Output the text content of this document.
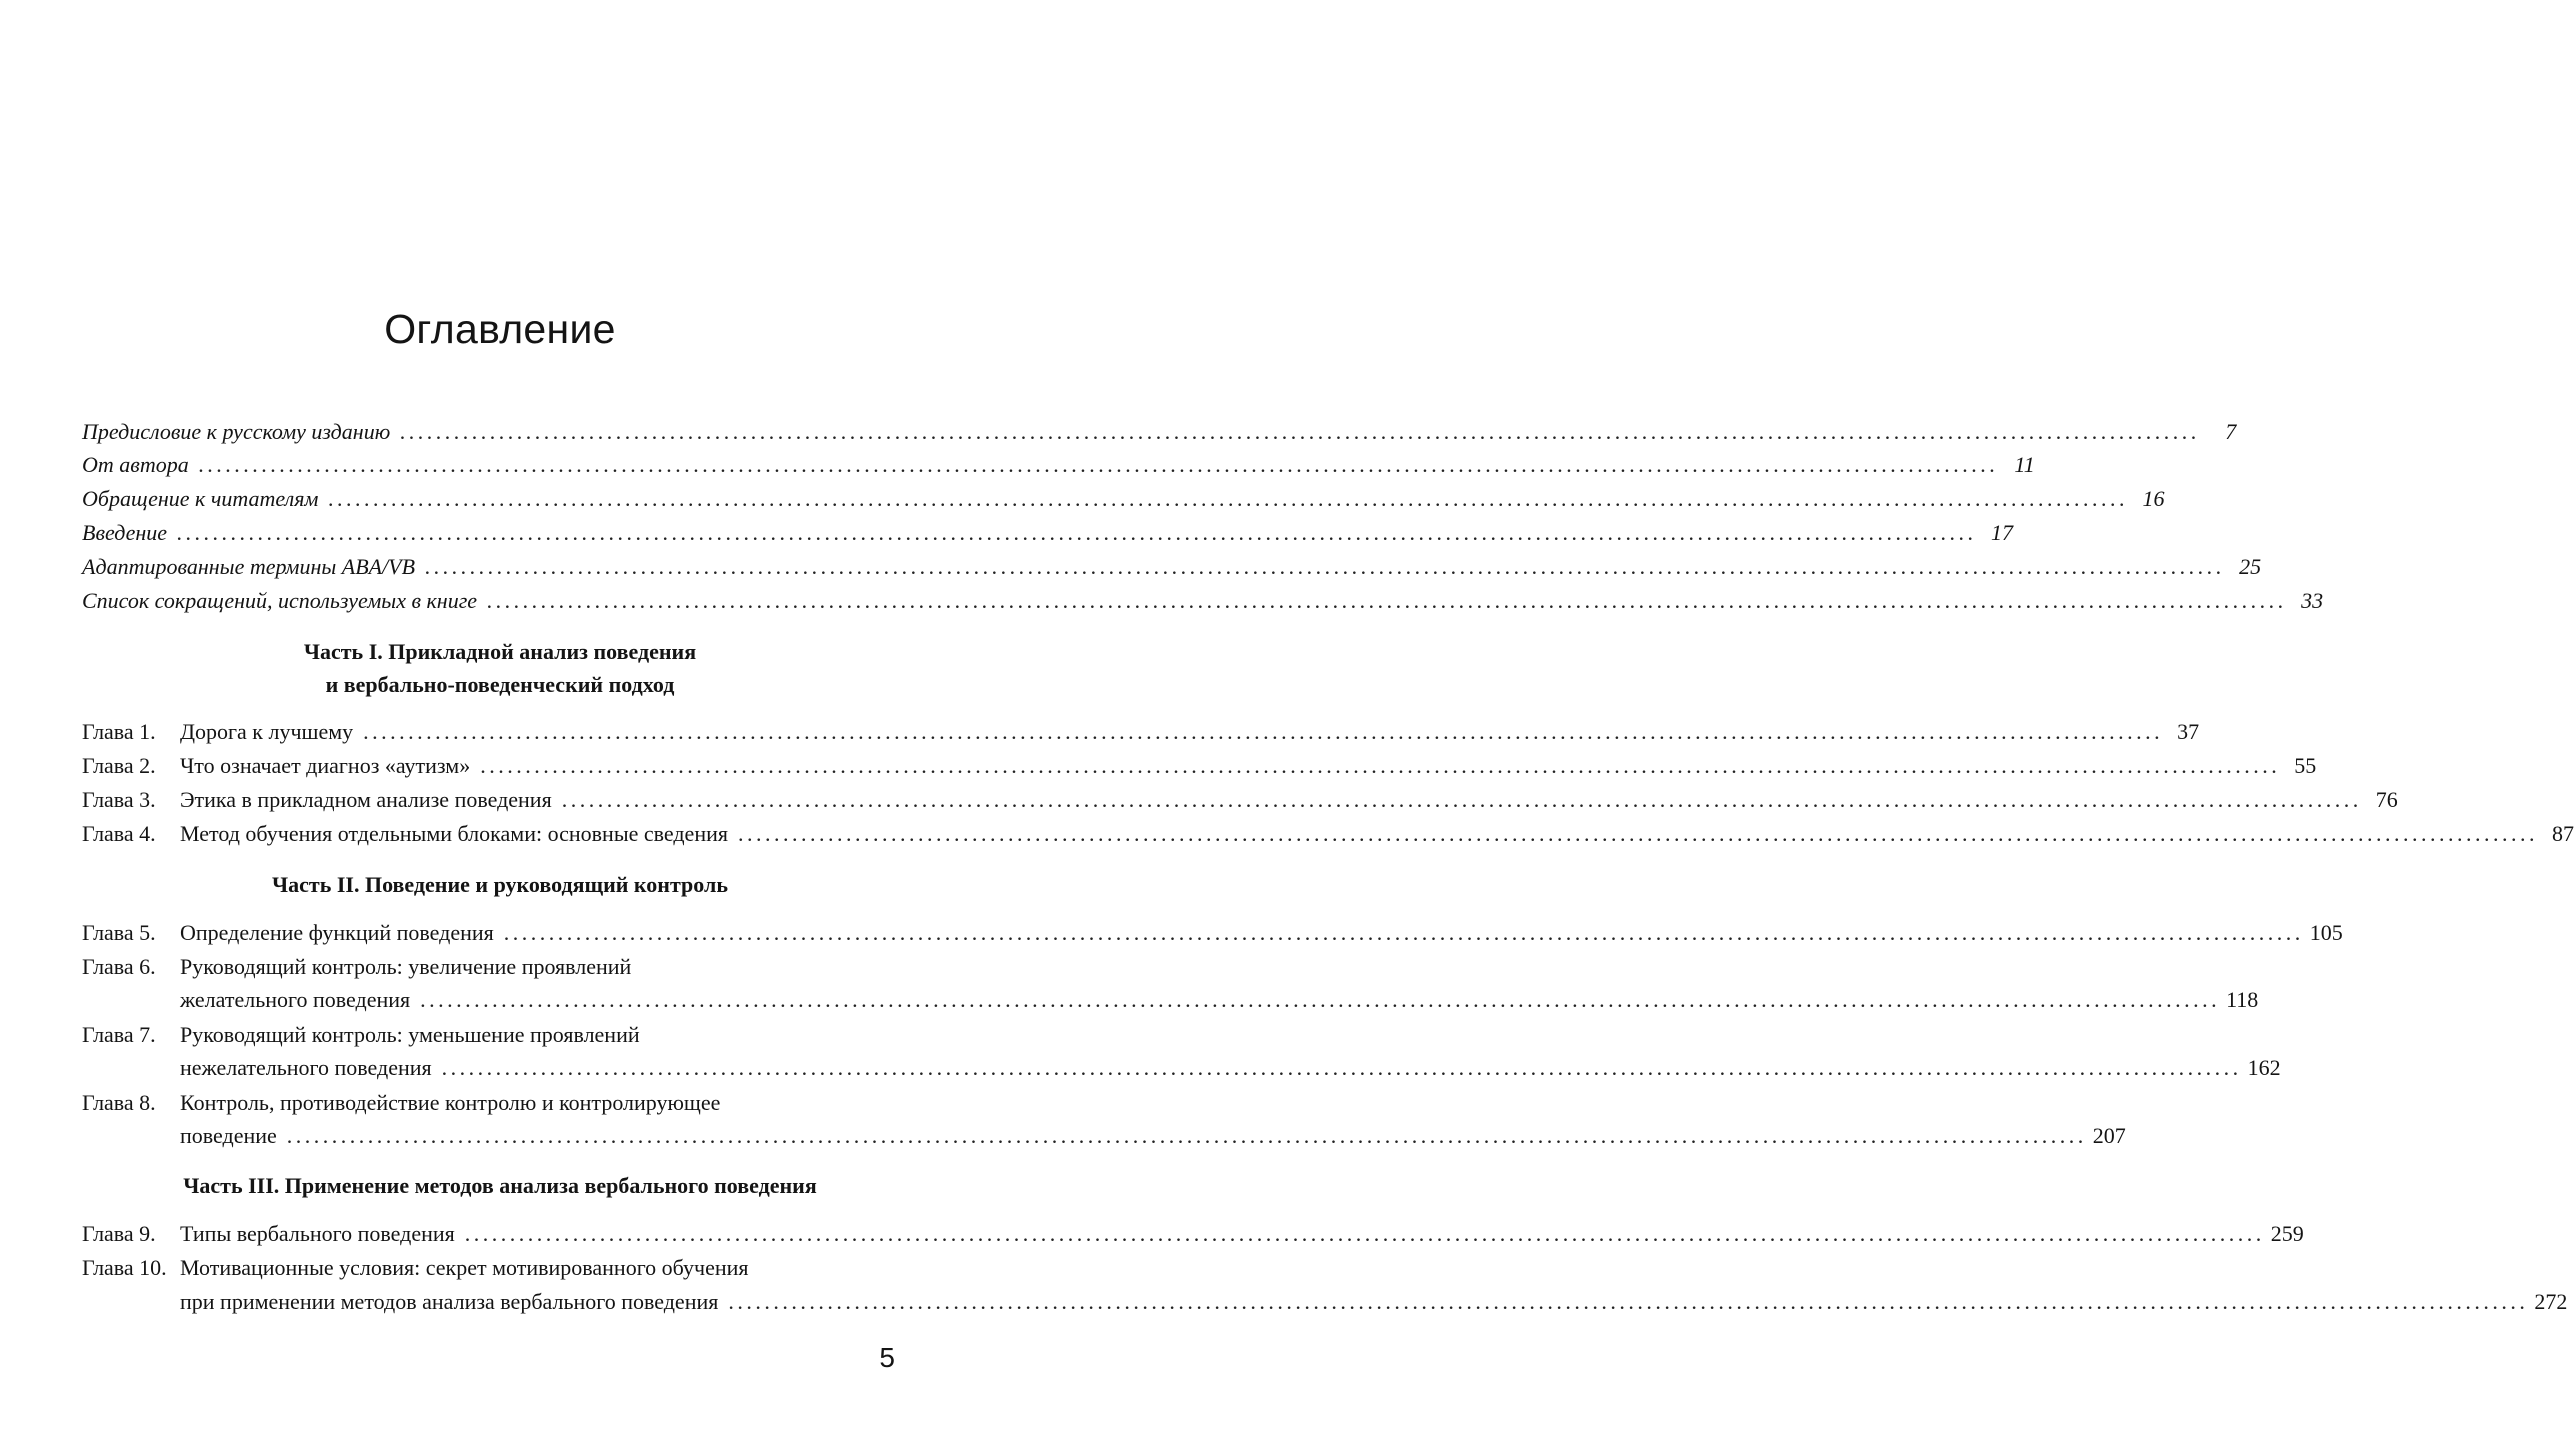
Оглавление
Предисловие к русскому изданию ........................................................................................................................................................................................................	7
От автора ........................................................................................................................................................................................................ 11
Обращение к читателям ........................................................................................................................................................................................................ 16
Введение ........................................................................................................................................................................................................ 17
Адаптированные термины ABA/VB ........................................................................................................................................................................................................ 25
Список сокращений, используемых в книге ........................................................................................................................................................................................................ 33
Часть I. Прикладной анализ поведения
и вербально-поведенческий подход
Глава 1.	Дорога к лучшему ........................................................................................................................................................................................................ 37
Глава 2.	Что означает диагноз «аутизм» ........................................................................................................................................................................................................ 55
Глава 3.	Этика в прикладном анализе поведения ........................................................................................................................................................................................................ 76
Глава 4.	Метод обучения отдельными блоками: основные сведения ........................................................................................................................................................................................................ 87
Часть II. Поведение и руководящий контроль
Глава 5.	Определение функций поведения ........................................................................................................................................................................................................ 105
Глава 6.	Руководящий контроль: увеличение проявлений
желательного поведения ........................................................................................................................................................................................................ 118
Глава 7.	Руководящий контроль: уменьшение проявлений
нежелательного поведения ........................................................................................................................................................................................................ 162
Глава 8.	Контроль, противодействие контролю и контролирующее
поведение ........................................................................................................................................................................................................ 207
Часть III. Применение методов анализа вербального поведения
Глава 9.	Типы вербального поведения ........................................................................................................................................................................................................ 259
Глава 10. Мотивационные условия: секрет мотивированного обучения
при применении методов анализа вербального поведения ........................................................................................................................................................................................................ 272
5
